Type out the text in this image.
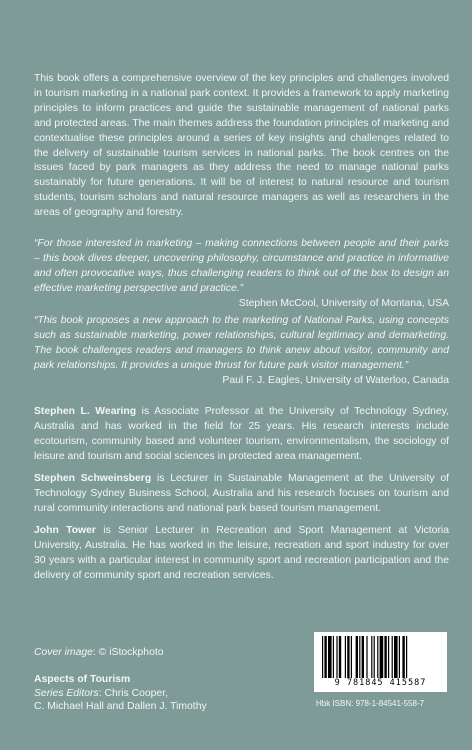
This book offers a comprehensive overview of the key principles and challenges involved in tourism marketing in a national park context. It provides a framework to apply marketing principles to inform practices and guide the sustainable management of national parks and protected areas. The main themes address the foundation principles of marketing and contextualise these principles around a series of key insights and challenges related to the delivery of sustainable tourism services in national parks. The book centres on the issues faced by park managers as they address the need to manage national parks sustainably for future generations. It will be of interest to natural resource and tourism students, tourism scholars and natural resource managers as well as researchers in the areas of geography and forestry.

“For those interested in marketing – making connections between people and their parks – this book dives deeper, uncovering philosophy, circumstance and practice in informative and often provocative ways, thus challenging readers to think out of the box to design an effective marketing perspective and practice.”
Stephen McCool, University of Montana, USA
“This book proposes a new approach to the marketing of National Parks, using concepts such as sustainable marketing, power relationships, cultural legitimacy and demarketing. The book challenges readers and managers to think anew about visitor, community and park relationships. It provides a unique thrust for future park visitor management.”
Paul F. J. Eagles, University of Waterloo, Canada

Stephen L. Wearing is Associate Professor at the University of Technology Sydney, Australia and has worked in the field for 25 years. His research interests include ecotourism, community based and volunteer tourism, environmentalism, the sociology of leisure and tourism and social sciences in protected area management.

Stephen Schweinsberg is Lecturer in Sustainable Management at the University of Technology Sydney Business School, Australia and his research focuses on tourism and rural community interactions and national park based tourism management.

John Tower is Senior Lecturer in Recreation and Sport Management at Victoria University, Australia. He has worked in the leisure, recreation and sport industry for over 30 years with a particular interest in community sport and recreation participation and the delivery of community sport and recreation services.

Cover image: © iStockphoto
Aspects of Tourism
Series Editors: Chris Cooper,
C. Michael Hall and Dallen J. Timothy
9 781845 415587
Hbk ISBN: 978-1-84541-558-7
